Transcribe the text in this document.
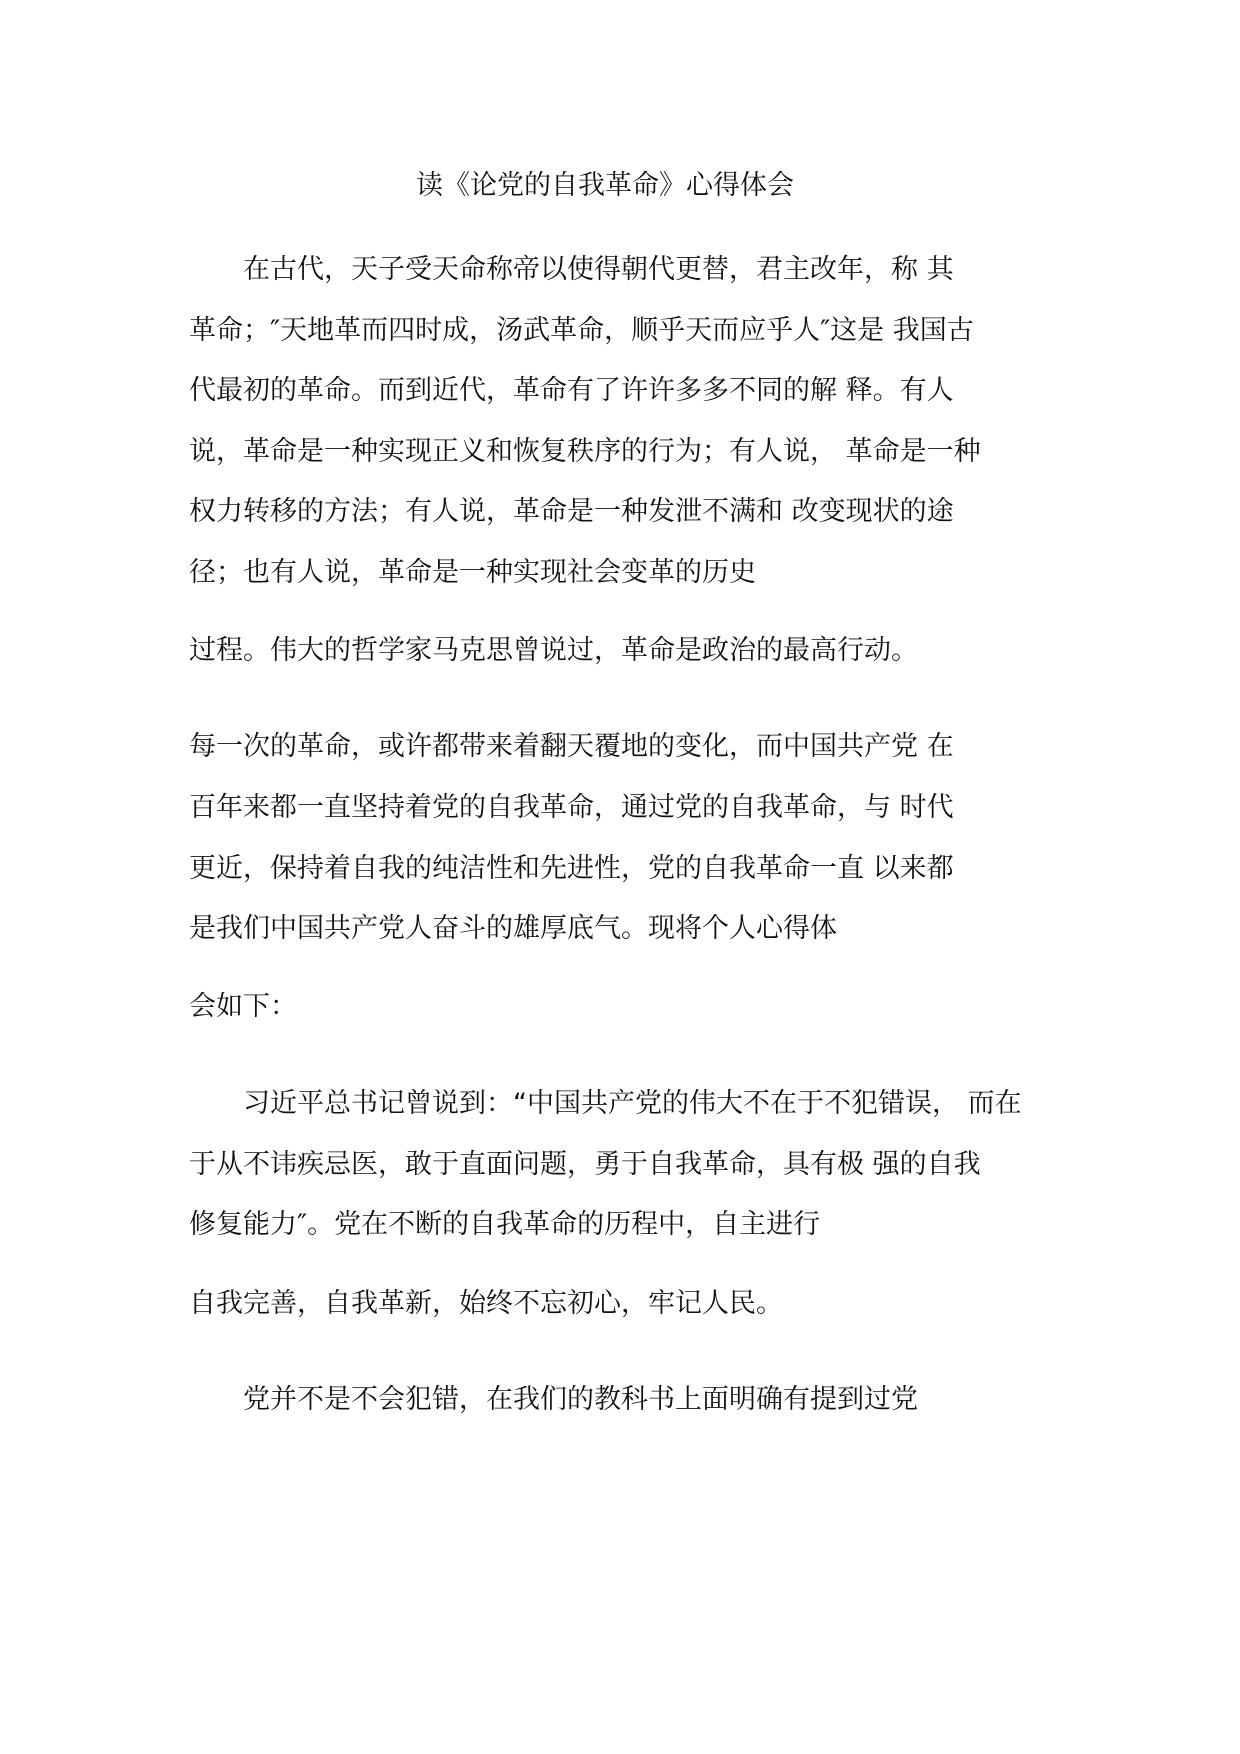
读《论党的自我革命》心得体会
　　在古代，天子受天命称帝以使得朝代更替，君主改年，称 其
革命；″天地革而四时成，汤武革命，顺乎天而应乎人″这是 我国古
代最初的革命。而到近代，革命有了许许多多不同的解 释。有人
说，革命是一种实现正义和恢复秩序的行为；有人说， 革命是一种
权力转移的方法；有人说，革命是一种发泄不满和 改变现状的途
径；也有人说，革命是一种实现社会变革的历史
过程。伟大的哲学家马克思曾说过，革命是政治的最高行动。
每一次的革命，或许都带来着翻天覆地的变化，而中国共产党 在
百年来都一直坚持着党的自我革命，通过党的自我革命，与 时代
更近，保持着自我的纯洁性和先进性，党的自我革命一直 以来都
是我们中国共产党人奋斗的雄厚底气。现将个人心得体
会如下：
　　习近平总书记曾说到：“中国共产党的伟大不在于不犯错误， 而在
于从不讳疾忌医，敢于直面问题，勇于自我革命，具有极 强的自我
修复能力″。党在不断的自我革命的历程中，自主进行
自我完善，自我革新，始终不忘初心，牢记人民。
　　党并不是不会犯错，在我们的教科书上面明确有提到过党
